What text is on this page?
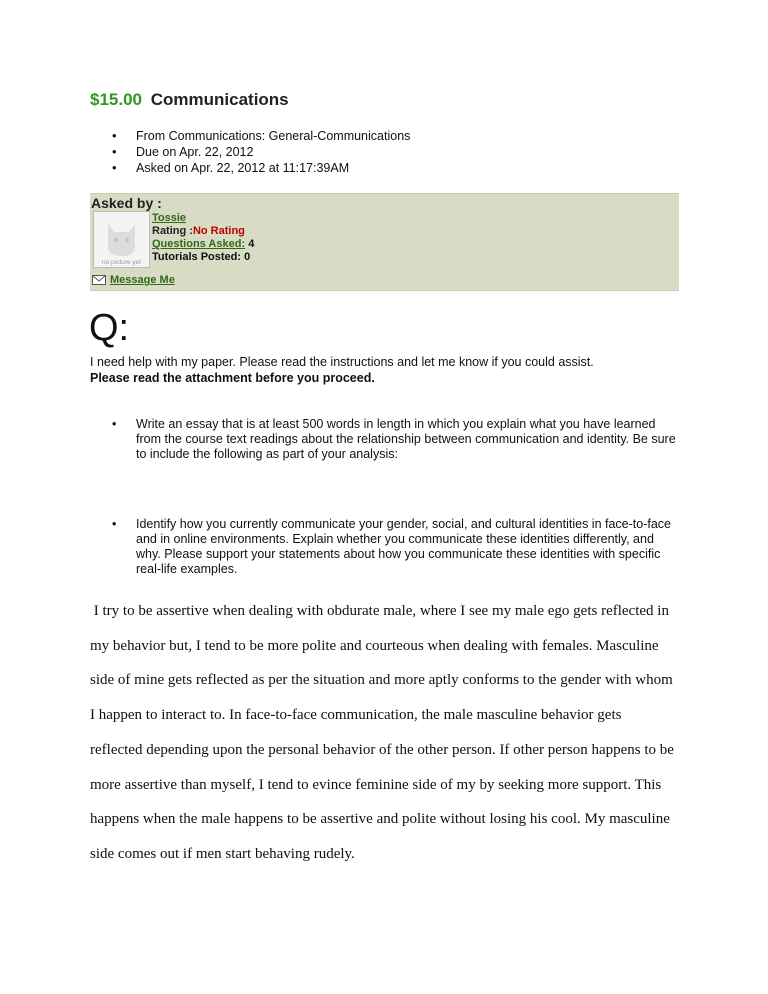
$15.00 Communications
• From Communications: General-Communications
• Due on Apr. 22, 2012
• Asked on Apr. 22, 2012 at 11:17:39AM
Asked by :
no picture yet
Tossie
Rating :No Rating
Questions Asked: 4
Tutorials Posted: 0
Message Me
Q:
I need help with my paper. Please read the instructions and let me know if you could assist.
Please read the attachment before you proceed.
• Write an essay that is at least 500 words in length in which you explain what you have learned from the course text readings about the relationship between communication and identity. Be sure to include the following as part of your analysis:
• Identify how you currently communicate your gender, social, and cultural identities in face-to-face and in online environments. Explain whether you communicate these identities differently, and why. Please support your statements about how you communicate these identities with specific real-life examples.

I try to be assertive when dealing with obdurate male, where I see my male ego gets reflected in

my behavior but, I tend to be more polite and courteous when dealing with females. Masculine

side of mine gets reflected as per the situation and more aptly conforms to the gender with whom

I happen to interact to. In face-to-face communication, the male masculine behavior gets

reflected depending upon the personal behavior of the other person. If other person happens to be

more assertive than myself, I tend to evince feminine side of my by seeking more support. This

happens when the male happens to be assertive and polite without losing his cool. My masculine

side comes out if men start behaving rudely.
